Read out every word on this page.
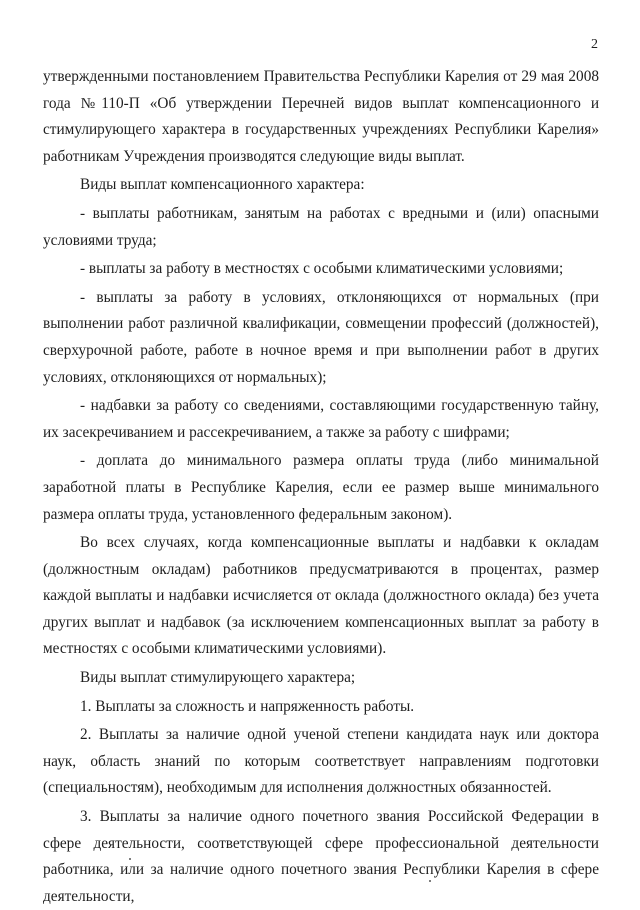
2

утвержденными постановлением Правительства Республики Карелия от 29 мая 2008 года №110-П «Об утверждении Перечней видов выплат компенсационного и стимулирующего характера в государственных учреждениях Республики Карелия» работникам Учреждения производятся следующие виды выплат.

Виды выплат компенсационного характера:

- выплаты работникам, занятым на работах с вредными и (или) опасными условиями труда;

- выплаты за работу в местностях с особыми климатическими условиями;

- выплаты за работу в условиях, отклоняющихся от нормальных (при выполнении работ различной квалификации, совмещении профессий (должностей), сверхурочной работе, работе в ночное время и при выполнении работ в других условиях, отклоняющихся от нормальных);

- надбавки за работу со сведениями, составляющими государственную тайну, их засекречиванием и рассекречиванием, а также за работу с шифрами;

- доплата до минимального размера оплаты труда (либо минимальной заработной платы в Республике Карелия, если ее размер выше минимального размера оплаты труда, установленного федеральным законом).

Во всех случаях, когда компенсационные выплаты и надбавки к окладам (должностным окладам) работников предусматриваются в процентах, размер каждой выплаты и надбавки исчисляется от оклада (должностного оклада) без учета других выплат и надбавок (за исключением компенсационных выплат за работу в местностях с особыми климатическими условиями).

Виды выплат стимулирующего характера;

1. Выплаты за сложность и напряженность работы.

2. Выплаты за наличие одной ученой степени кандидата наук или доктора наук, область знаний по которым соответствует направлениям подготовки (специальностям), необходимым для исполнения должностных обязанностей.

3. Выплаты за наличие одного почетного звания Российской Федерации в сфере деятельности, соответствующей сфере профессиональной деятельности работника, или за наличие одного почетного звания Республики Карелия в сфере деятельности,
